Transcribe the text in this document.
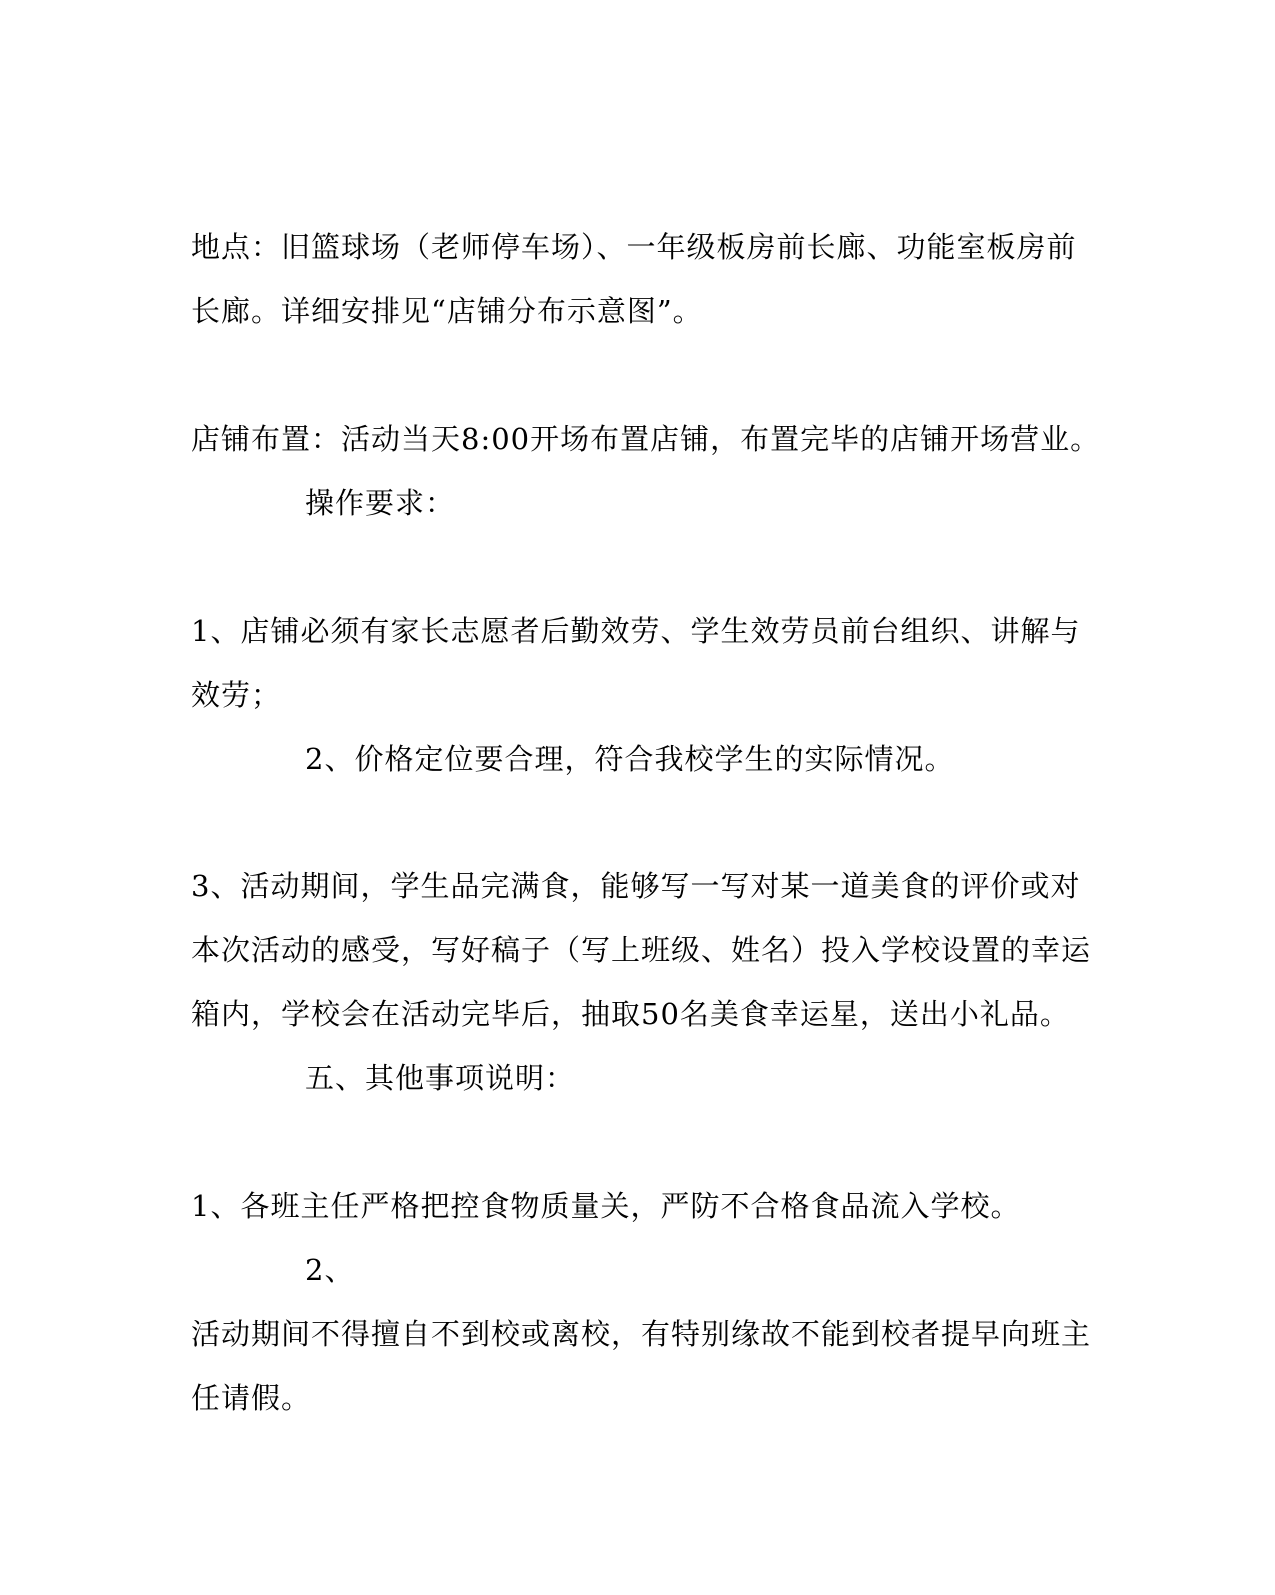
地点：旧篮球场（老师停车场）、一年级板房前长廊、功能室板房前
长廊。详细安排见“店铺分布示意图”。
店铺布置：活动当天8:00开场布置店铺，布置完毕的店铺开场营业。
操作要求：
1、店铺必须有家长志愿者后勤效劳、学生效劳员前台组织、讲解与
效劳；
2、价格定位要合理，符合我校学生的实际情况。
3、活动期间，学生品完满食，能够写一写对某一道美食的评价或对
本次活动的感受，写好稿子（写上班级、姓名）投入学校设置的幸运
箱内，学校会在活动完毕后，抽取50名美食幸运星，送出小礼品。
五、其他事项说明：
1、各班主任严格把控食物质量关，严防不合格食品流入学校。
2、
活动期间不得擅自不到校或离校，有特别缘故不能到校者提早向班主
任请假。
